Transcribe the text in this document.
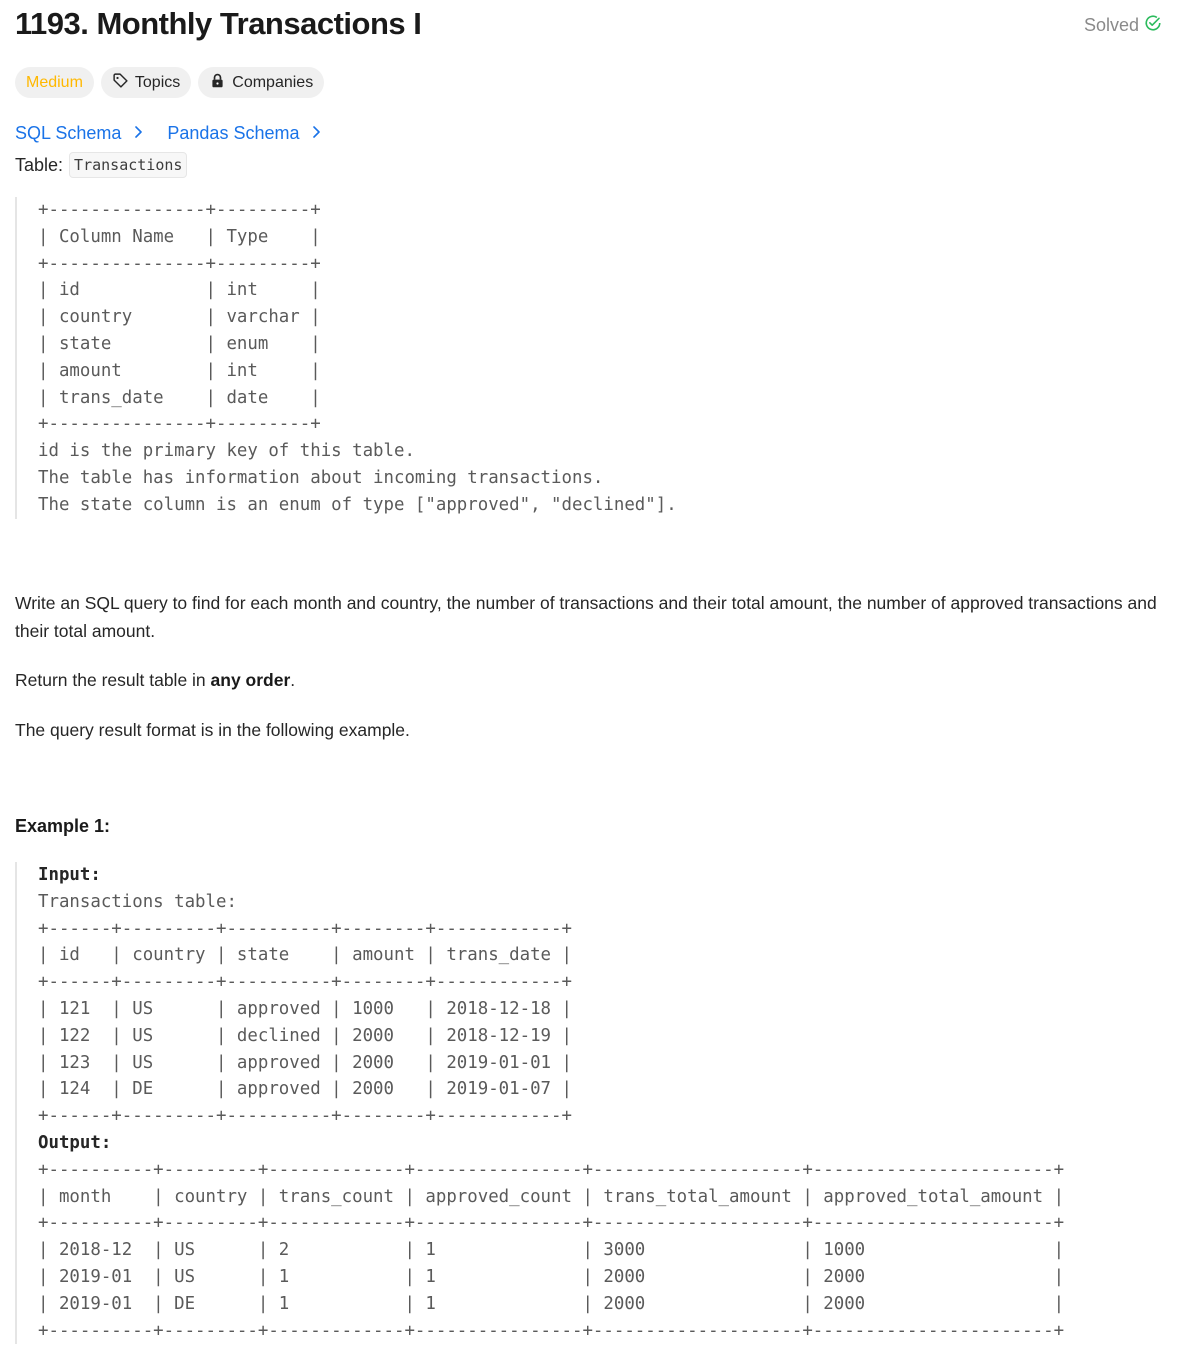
1193. Monthly Transactions I	Solved
Medium	Topics	Companies
SQL Schema	Pandas Schema
Table: Transactions
+---------------+---------+
| Column Name   | Type    |
+---------------+---------+
| id            | int     |
| country       | varchar |
| state         | enum    |
| amount        | int     |
| trans_date    | date    |
+---------------+---------+
id is the primary key of this table.
The table has information about incoming transactions.
The state column is an enum of type ["approved", "declined"].

Write an SQL query to find for each month and country, the number of transactions and their total amount, the number of approved transactions and their total amount.

Return the result table in any order.

The query result format is in the following example.

Example 1:
Input:
Transactions table:
+------+---------+----------+--------+------------+
| id   | country | state    | amount | trans_date |
+------+---------+----------+--------+------------+
| 121  | US      | approved | 1000   | 2018-12-18 |
| 122  | US      | declined | 2000   | 2018-12-19 |
| 123  | US      | approved | 2000   | 2019-01-01 |
| 124  | DE      | approved | 2000   | 2019-01-07 |
+------+---------+----------+--------+------------+
Output:
+----------+---------+-------------+----------------+--------------------+-----------------------+
| month    | country | trans_count | approved_count | trans_total_amount | approved_total_amount |
+----------+---------+-------------+----------------+--------------------+-----------------------+
| 2018-12  | US      | 2           | 1              | 3000               | 1000                  |
| 2019-01  | US      | 1           | 1              | 2000               | 2000                  |
| 2019-01  | DE      | 1           | 1              | 2000               | 2000                  |
+----------+---------+-------------+----------------+--------------------+-----------------------+
